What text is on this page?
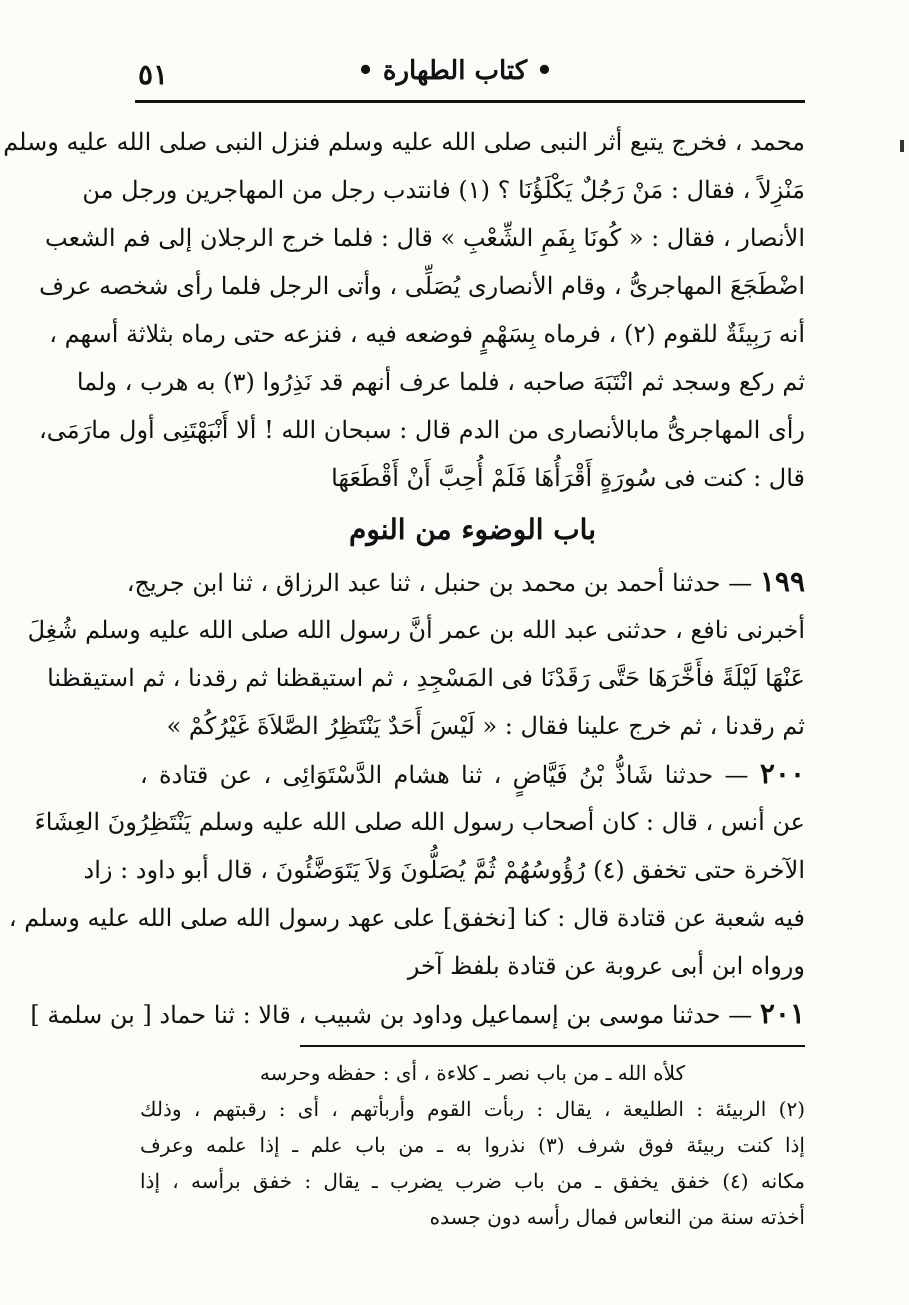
• كتاب الطهارة •
٥١
محمد ، فخرج يتبع أثر النبى صلى الله عليه وسلم فنزل النبى صلى الله عليه وسلم
مَنْزِلاً ، فقال : مَنْ رَجُلٌ يَكْلَؤُنَا ؟ (١) فانتدب رجل من المهاجرين ورجل من
الأنصار ، فقال : « كُونَا بِفَمِ الشِّعْبِ » قال : فلما خرج الرجلان إلى فم الشعب
اضْطَجَعَ المهاجرىُّ ، وقام الأنصارى يُصَلِّى ، وأتى الرجل فلما رأى شخصه عرف
أنه رَبِيئَةٌ للقوم (٢) ، فرماه بِسَهْمٍ فوضعه فيه ، فنزعه حتى رماه بثلاثة أسهم ،
ثم ركع وسجد ثم انْتَبَهَ صاحبه ، فلما عرف أنهم قد نَذِرُوا (٣) به هرب ، ولما
رأى المهاجرىُّ مابالأنصارى من الدم قال : سبحان الله ! ألا أَنْبَهْتَنِى أول مارَمَى،
قال : كنت فى سُورَةٍ أَقْرَأُهَا فَلَمْ أُحِبَّ أَنْ أَقْطَعَهَا
باب الوضوء من النوم
١٩٩ — حدثنا أحمد بن محمد بن حنبل ، ثنا عبد الرزاق ، ثنا ابن جريج،
أخبرنى نافع ، حدثنى عبد الله بن عمر أنَّ رسول الله صلى الله عليه وسلم شُغِلَ
عَنْهَا لَيْلَةً فأَخَّرَهَا حَتَّى رَقَدْنَا فى المَسْجِدِ ، ثم استيقظنا ثم رقدنا ، ثم استيقظنا
ثم رقدنا ، ثم خرج علينا فقال : « لَيْسَ أَحَدٌ يَنْتَظِرُ الصَّلاَةَ غَيْرُكُمْ »
٢٠٠ — حدثنا شَاذُّ بْنُ فَيَّاضٍ ، ثنا هشام الدَّسْتَوَائِى ، عن قتادة ،
عن أنس ، قال : كان أصحاب رسول الله صلى الله عليه وسلم يَنْتَظِرُونَ العِشَاءَ
الآخرة حتى تخفق (٤) رُؤُوسُهُمْ ثُمَّ يُصَلُّونَ وَلاَ يَتَوَضَّئُونَ ، قال أبو داود : زاد
فيه شعبة عن قتادة قال : كنا [نخفق] على عهد رسول الله صلى الله عليه وسلم ،
ورواه ابن أبى عروبة عن قتادة بلفظ آخر
٢٠١ — حدثنا موسى بن إسماعيل وداود بن شبيب ، قالا : ثنا حماد [ بن سلمة ]
كلأه الله ـ من باب نصر ـ كلاءة ، أى : حفظه وحرسه
(٢) الربيئة : الطليعة ، يقال : ربأت القوم وأربأتهم ، أى : رقبتهم ، وذلك
إذا كنت ربيئة فوق شرف (٣) نذروا به ـ من باب علم ـ إذا علمه وعرف
مكانه (٤) خفق يخفق ـ من باب ضرب يضرب ـ يقال : خفق برأسه ، إذا
أخذته سنة من النعاس فمال رأسه دون جسده
